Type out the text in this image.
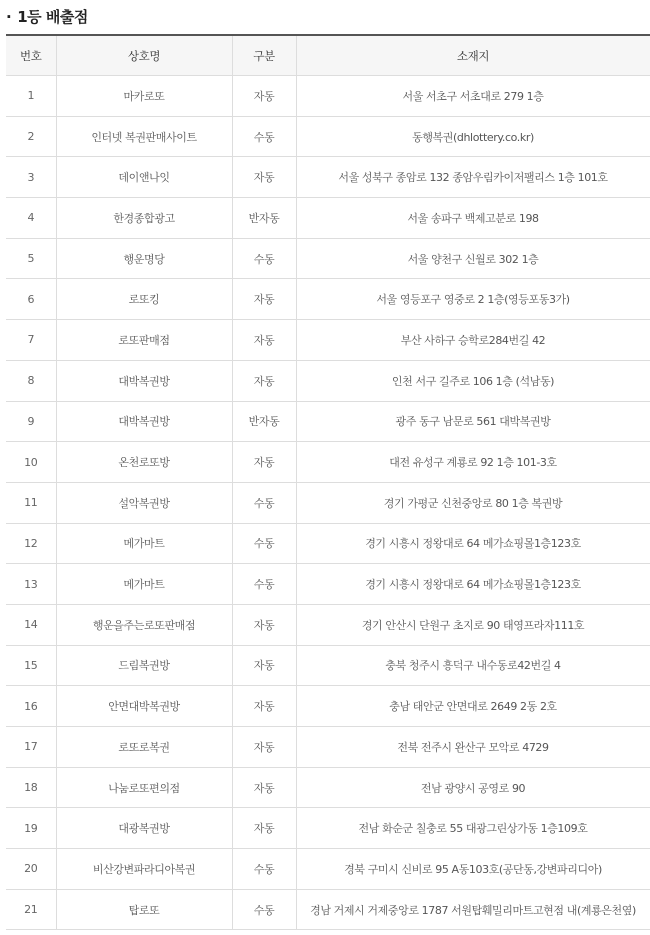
· 1등 배출점
번호	상호명	구분	소재지
1	마카로또	자동	서울 서초구 서초대로 279 1층
2	인터넷 복권판매사이트	수동	동행복권(dhlottery.co.kr)
3	데이앤나잇	자동	서울 성북구 종암로 132 종암우림카이저팰리스 1층 101호
4	한경종합광고	반자동	서울 송파구 백제고분로 198
5	행운명당	수동	서울 양천구 신월로 302 1층
6	로또킹	자동	서울 영등포구 영중로 2 1층(영등포동3가)
7	로또판매점	자동	부산 사하구 승학로284번길 42
8	대박복권방	자동	인천 서구 길주로 106 1층 (석남동)
9	대박복권방	반자동	광주 동구 남문로 561 대박복권방
10	온천로또방	자동	대전 유성구 계룡로 92 1층 101-3호
11	설악복권방	수동	경기 가평군 신천중앙로 80 1층 복권방
12	메가마트	수동	경기 시흥시 정왕대로 64 메가쇼핑몰1층123호
13	메가마트	수동	경기 시흥시 정왕대로 64 메가쇼핑몰1층123호
14	행운을주는로또판매점	자동	경기 안산시 단원구 초지로 90 태영프라자111호
15	드림복권방	자동	충북 청주시 흥덕구 내수동로42번길 4
16	안면대박복권방	자동	충남 태안군 안면대로 2649 2동 2호
17	로또로복권	자동	전북 전주시 완산구 모악로 4729
18	나눔로또편의점	자동	전남 광양시 공영로 90
19	대광복권방	자동	전남 화순군 칠충로 55 대광그린상가동 1층109호
20	비산강변파라디아복권	수동	경북 구미시 신비로 95 A동103호(공단동,강변파리디아)
21	탑로또	수동	경남 거제시 거제중앙로 1787 서원탑훼밀리마트고현점 내(계룡은천옆)
